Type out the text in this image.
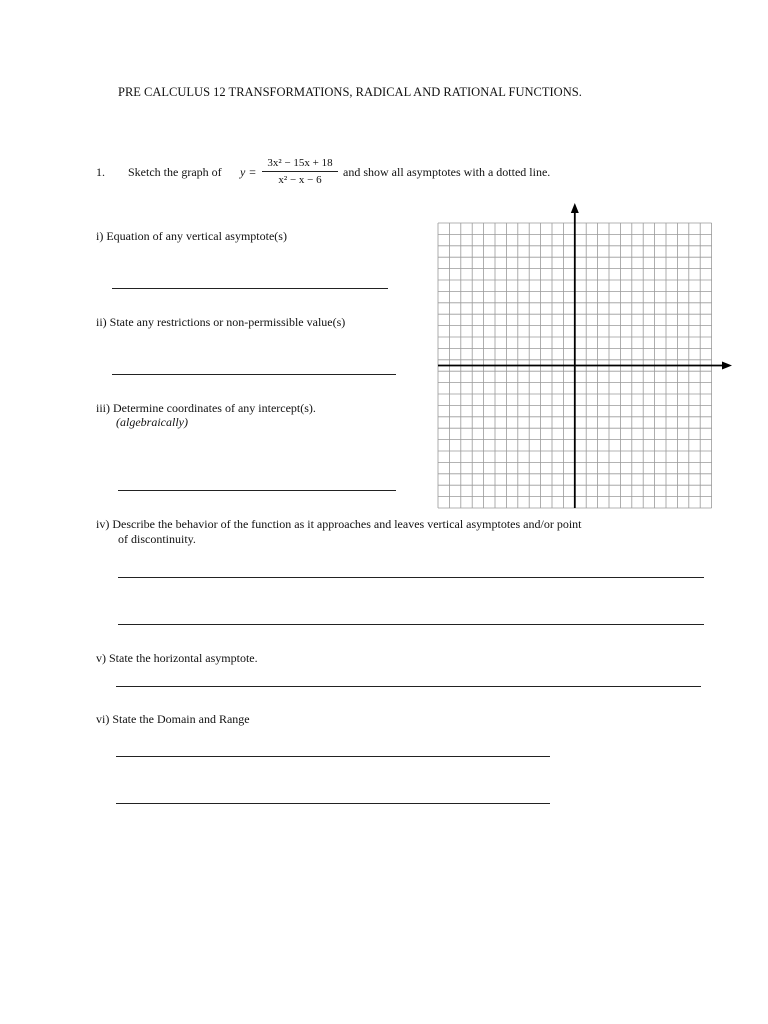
PRE CALCULUS 12 TRANSFORMATIONS, RADICAL AND RATIONAL FUNCTIONS.
1. Sketch the graph of y =
3x² − 15x + 18
x² − x − 6
and show all asymptotes with a dotted line.
i) Equation of any vertical asymptote(s)
ii) State any restrictions or non-permissible value(s)
iii) Determine coordinates of any intercept(s).
(algebraically)
iv) Describe the behavior of the function as it approaches and leaves vertical asymptotes and/or point
of discontinuity.
v) State the horizontal asymptote.
vi) State the Domain and Range
